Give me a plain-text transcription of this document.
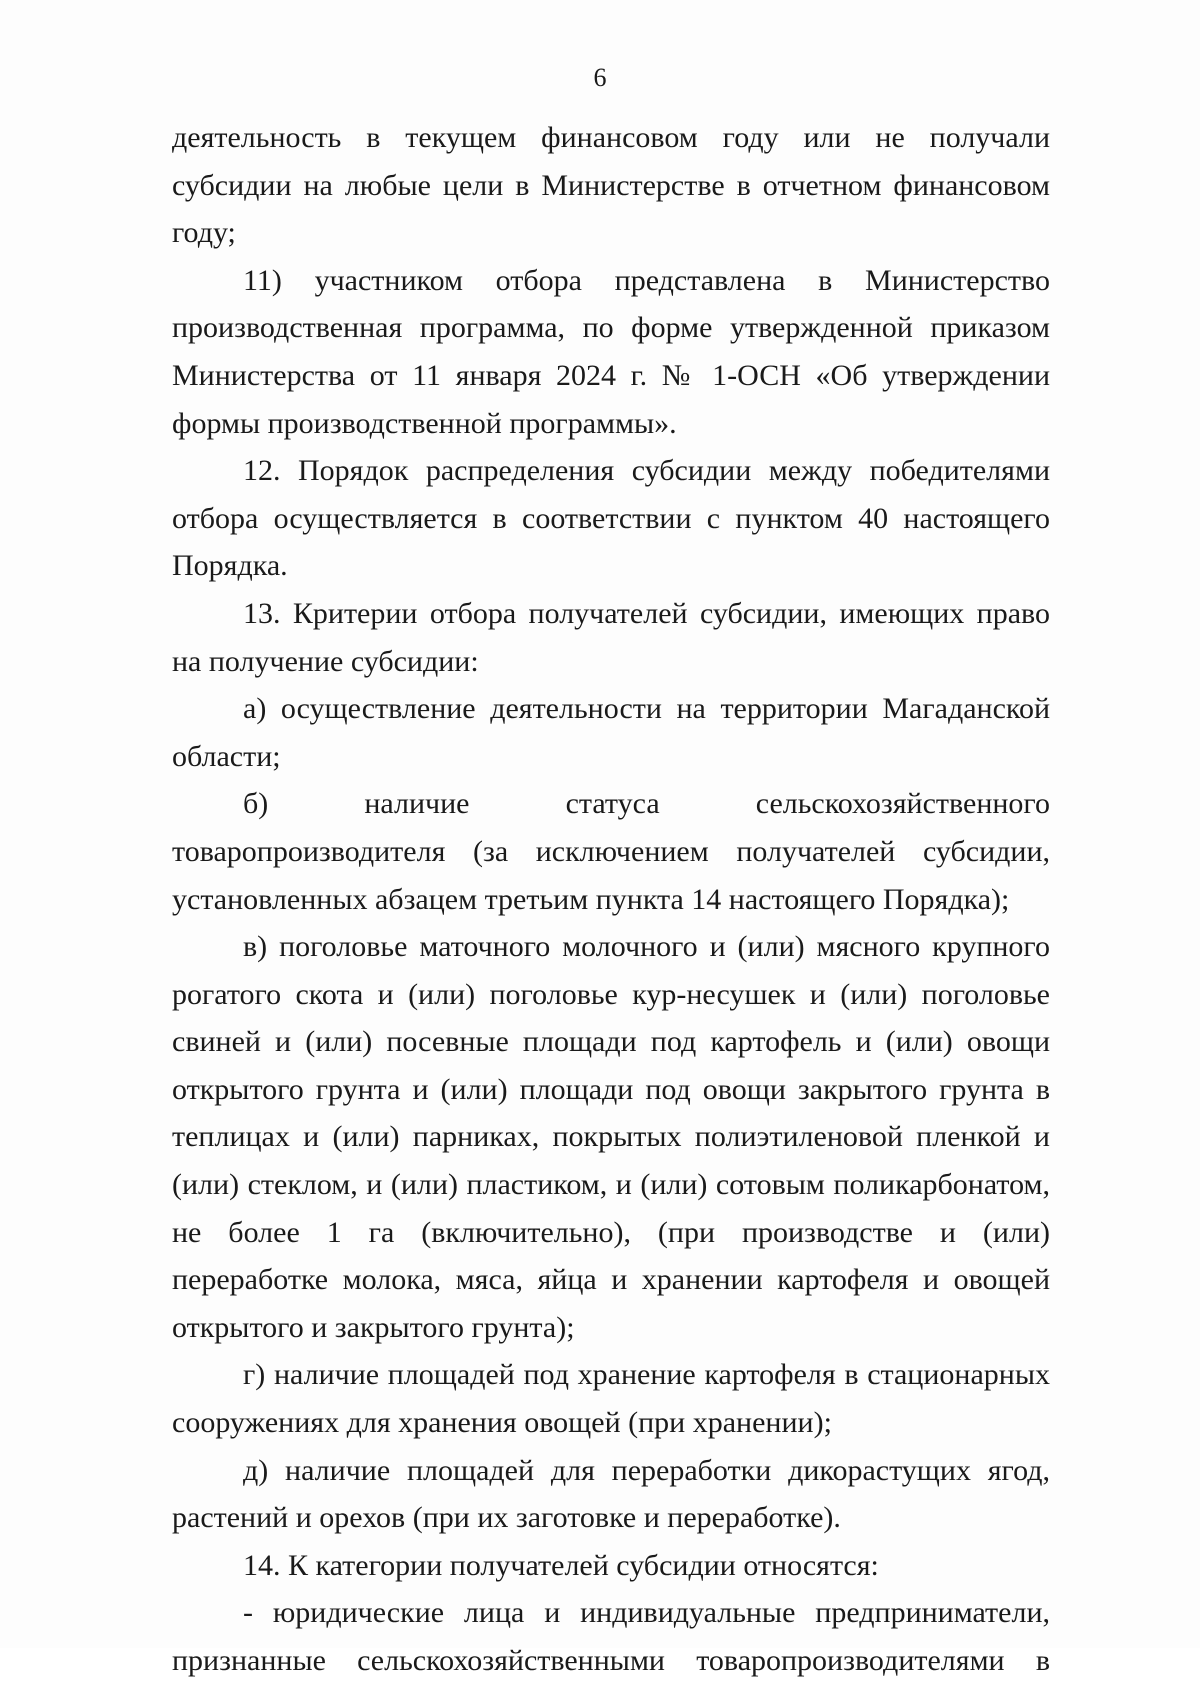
6

деятельность в текущем финансовом году или не получали субсидии на любые цели в Министерстве в отчетном финансовом году;

11) участником отбора представлена в Министерство производственная программа, по форме утвержденной приказом Министерства от 11 января 2024 г. № 1-ОСН «Об утверждении формы производственной программы».

12. Порядок распределения субсидии между победителями отбора осуществляется в соответствии с пунктом 40 настоящего Порядка.

13. Критерии отбора получателей субсидии, имеющих право на получение субсидии:

а) осуществление деятельности на территории Магаданской области;

б) наличие статуса сельскохозяйственного товаропроизводителя (за исключением получателей субсидии, установленных абзацем третьим пункта 14 настоящего Порядка);

в) поголовье маточного молочного и (или) мясного крупного рогатого скота и (или) поголовье кур-несушек и (или) поголовье свиней и (или) посевные площади под картофель и (или) овощи открытого грунта и (или) площади под овощи закрытого грунта в теплицах и (или) парниках, покрытых полиэтиленовой пленкой и (или) стеклом, и (или) пластиком, и (или) сотовым поликарбонатом, не более 1 га (включительно), (при производстве и (или) переработке молока, мяса, яйца и хранении картофеля и овощей открытого и закрытого грунта);

г) наличие площадей под хранение картофеля в стационарных сооружениях для хранения овощей (при хранении);

д) наличие площадей для переработки дикорастущих ягод, растений и орехов (при их заготовке и переработке).

14. К категории получателей субсидии относятся:

- юридические лица и индивидуальные предприниматели, признанные сельскохозяйственными товаропроизводителями в
